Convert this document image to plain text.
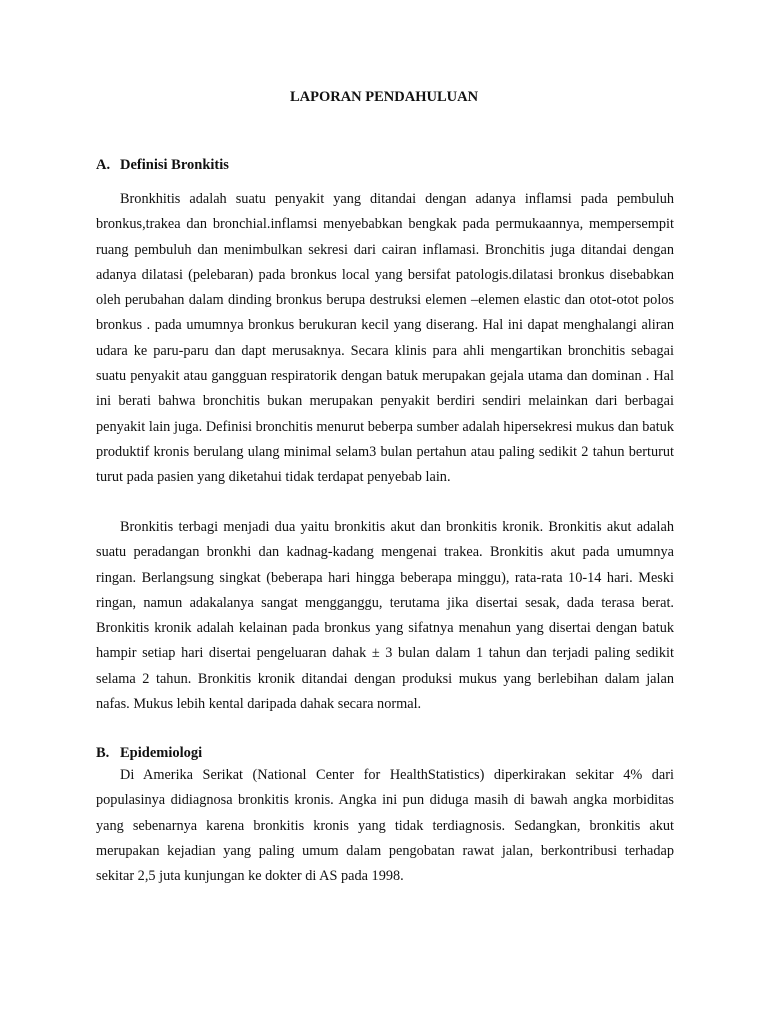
LAPORAN PENDAHULUAN
A. Definisi Bronkitis

Bronkhitis adalah suatu penyakit yang ditandai dengan adanya inflamsi pada pembuluh bronkus,trakea dan bronchial.inflamsi menyebabkan bengkak pada permukaannya, mempersempit ruang pembuluh dan menimbulkan sekresi dari cairan inflamasi. Bronchitis juga ditandai dengan adanya dilatasi (pelebaran) pada bronkus local yang bersifat patologis.dilatasi bronkus disebabkan oleh perubahan dalam dinding bronkus berupa destruksi elemen –elemen elastic dan otot-otot polos bronkus . pada umumnya bronkus berukuran kecil yang diserang. Hal ini dapat menghalangi aliran udara ke paru-paru dan dapt merusaknya. Secara klinis para ahli mengartikan bronchitis sebagai suatu penyakit atau gangguan respiratorik dengan batuk merupakan gejala utama dan dominan . Hal ini berati bahwa bronchitis bukan merupakan penyakit berdiri sendiri melainkan dari berbagai penyakit lain juga. Definisi bronchitis menurut beberpa sumber adalah hipersekresi mukus dan batuk produktif kronis berulang ulang minimal selam3 bulan pertahun atau paling sedikit 2 tahun berturut turut pada pasien yang diketahui tidak terdapat penyebab lain.

Bronkitis terbagi menjadi dua yaitu bronkitis akut dan bronkitis kronik. Bronkitis akut adalah suatu peradangan bronkhi dan kadnag-kadang mengenai trakea. Bronkitis akut pada umumnya ringan. Berlangsung singkat (beberapa hari hingga beberapa minggu), rata-rata 10-14 hari. Meski ringan, namun adakalanya sangat mengganggu, terutama jika disertai sesak, dada terasa berat. Bronkitis kronik adalah kelainan pada bronkus yang sifatnya menahun yang disertai dengan batuk hampir setiap hari disertai pengeluaran dahak ± 3 bulan dalam 1 tahun dan terjadi paling sedikit selama 2 tahun. Bronkitis kronik ditandai dengan produksi mukus yang berlebihan dalam jalan nafas. Mukus lebih kental daripada dahak secara normal.

B. Epidemiologi

Di Amerika Serikat (National Center for HealthStatistics) diperkirakan sekitar 4% dari populasinya didiagnosa bronkitis kronis. Angka ini pun diduga masih di bawah angka morbiditas yang sebenarnya karena bronkitis kronis yang tidak terdiagnosis. Sedangkan, bronkitis akut merupakan kejadian yang paling umum dalam pengobatan rawat jalan, berkontribusi terhadap sekitar 2,5 juta kunjungan ke dokter di AS pada 1998.
